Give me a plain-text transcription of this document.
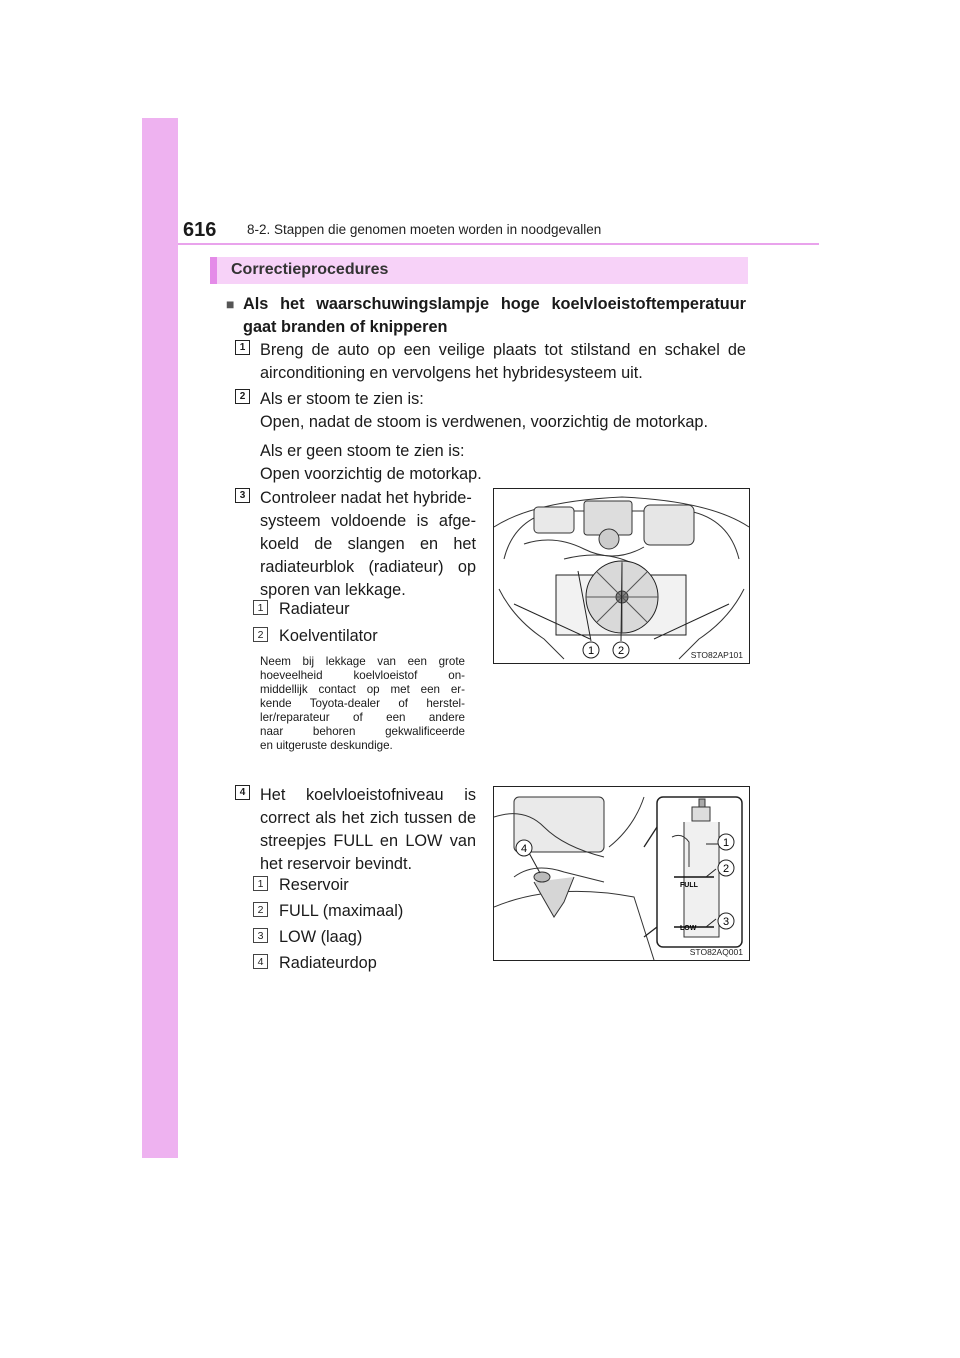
616 8-2. Stappen die genomen moeten worden in noodgevallen
Correctieprocedures
■ Als het waarschuwingslampje hoge koelvloeistoftemperatuur
gaat branden of knipperen
1 Breng de auto op een veilige plaats tot stilstand en schakel de
airconditioning en vervolgens het hybridesysteem uit.
2 Als er stoom te zien is:
Open, nadat de stoom is verdwenen, voorzichtig de motorkap.
Als er geen stoom te zien is:
Open voorzichtig de motorkap.
3 Controleer nadat het hybride-
systeem voldoende is afge-
koeld de slangen en het
radiateurblok (radiateur) op
sporen van lekkage.
1 Radiateur
2 Koelventilator
Neem bij lekkage van een grote
hoeveelheid koelvloeistof on-
middellijk contact op met een er-
kende Toyota-dealer of herstel-
ler/reparateur of een andere
naar behoren gekwalificeerde
en uitgeruste deskundige.
1 2	STO82AP101
4 Het koelvloeistofniveau is
correct als het zich tussen de
streepjes FULL en LOW van
het reservoir bevindt.
1 Reservoir
2 FULL (maximaal)
3 LOW (laag)
4 Radiateurdop
FULL
LOW
1
2
3
4
STO82AQ001
